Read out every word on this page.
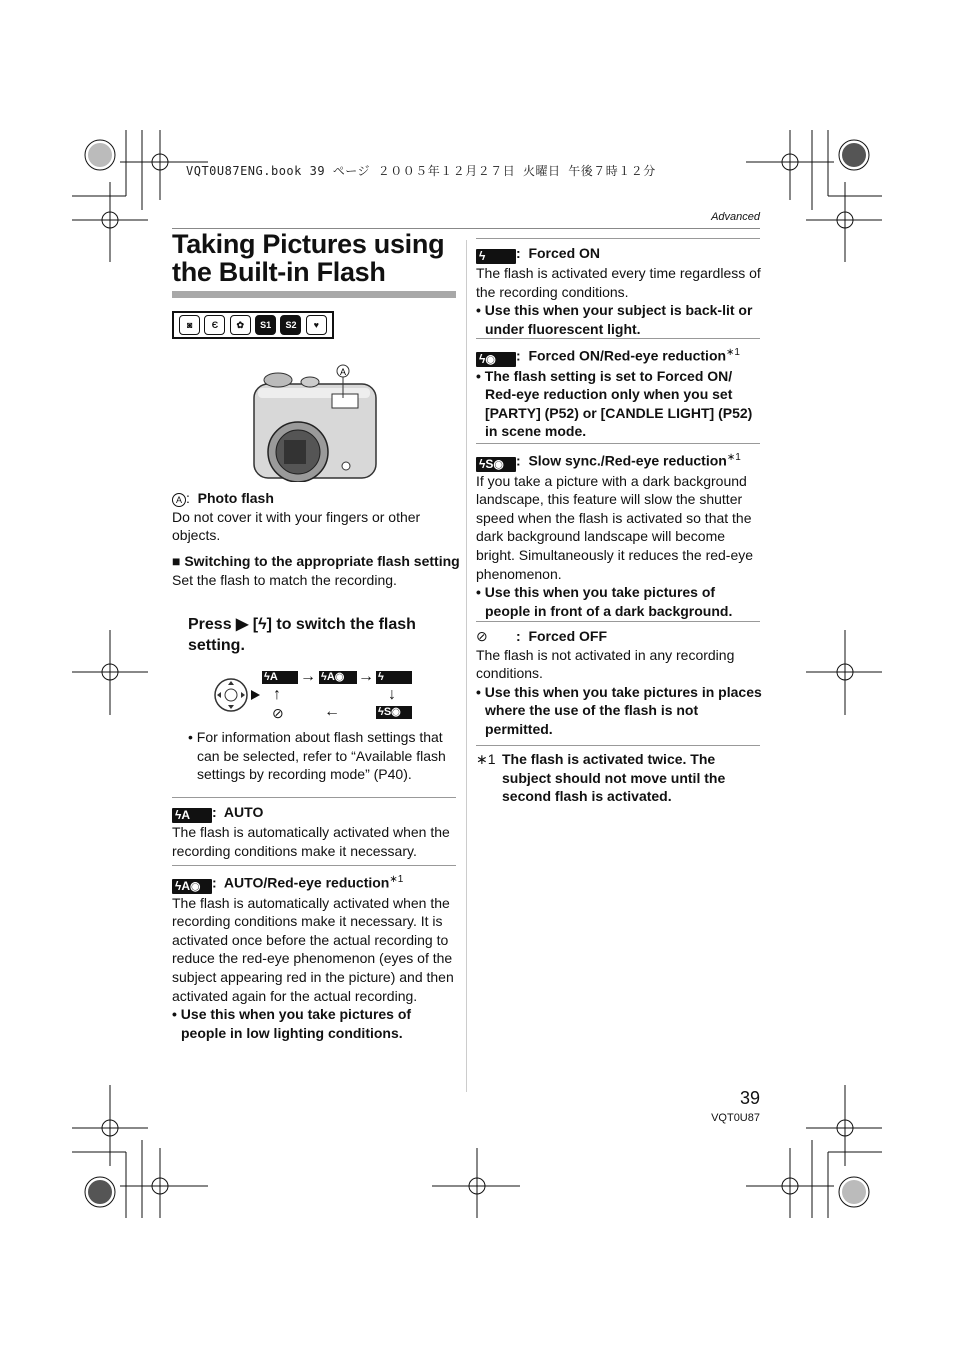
VQT0U87ENG.book 39 ページ ２００５年１２月２７日 火曜日 午後７時１２分
Advanced
Taking Pictures using the Built-in Flash
◙	Є	✿	S1	S2	♥
A
A :  Photo flash
Do not cover it with your fingers or other objects.
■ Switching to the appropriate flash setting
Set the flash to match the recording.
Press ▶ [ϟ] to switch the flash setting.
ϟA	→ ϟA◉ → ϟ
↑	↓
⊘	←	ϟS◉
• For information about flash settings that can be selected, refer to “Available flash settings by recording mode” (P40).
ϟA :  AUTO
The flash is automatically activated when the recording conditions make it necessary.
ϟA◉ :  AUTO/Red-eye reduction$^{∗1}$
The flash is automatically activated when the recording conditions make it necessary. It is activated once before the actual recording to reduce the red-eye phenomenon (eyes of the subject appearing red in the picture) and then activated again for the actual recording.
• Use this when you take pictures of people in low lighting conditions.
ϟ :  Forced ON
The flash is activated every time regardless of the recording conditions.
• Use this when your subject is back-lit or under fluorescent light.
ϟ◉ :  Forced ON/Red-eye reduction$^{∗1}$
• The flash setting is set to Forced ON/ Red-eye reduction only when you set [PARTY] (P52) or [CANDLE LIGHT] (P52) in scene mode.
ϟS◉ :  Slow sync./Red-eye reduction$^{∗1}$
If you take a picture with a dark background landscape, this feature will slow the shutter speed when the flash is activated so that the dark background landscape will become bright. Simultaneously it reduces the red-eye phenomenon.
• Use this when you take pictures of people in front of a dark background.
⊘ :  Forced OFF
The flash is not activated in any recording conditions.
• Use this when you take pictures in places where the use of the flash is not permitted.
∗1 The flash is activated twice. The subject should not move until the second flash is activated.
39
VQT0U87
